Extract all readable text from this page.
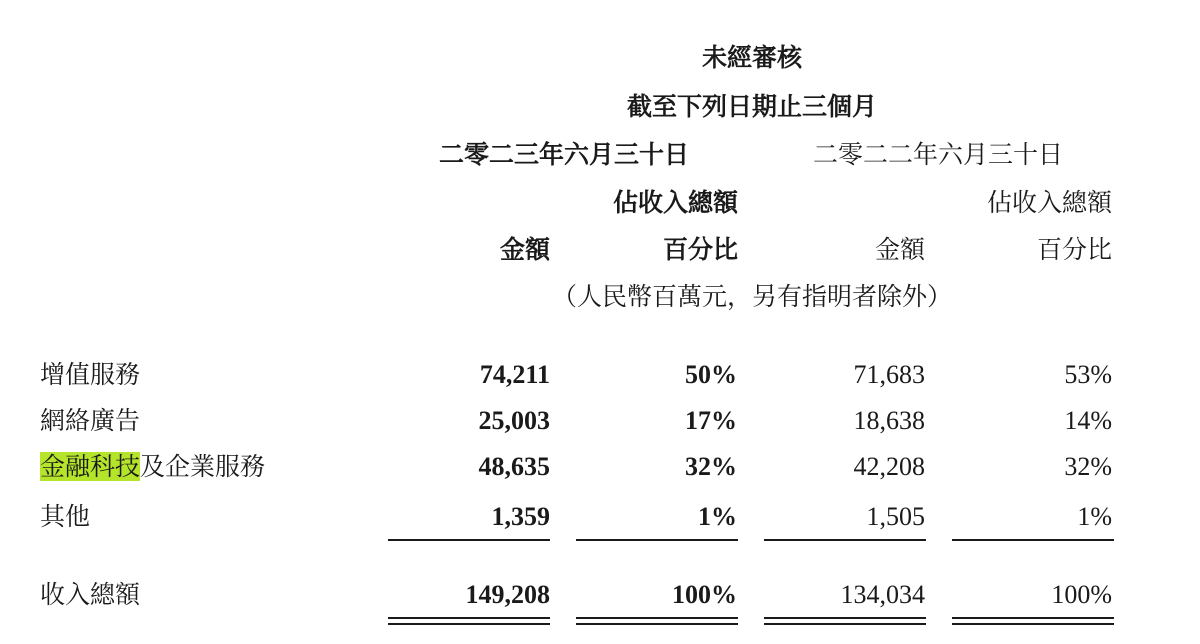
未經審核
截至下列日期止三個月
二零二三年六月三十日	二零二二年六月三十日
佔收入總額	佔收入總額
金額	百分比	金額	百分比
（人民幣百萬元，另有指明者除外）
增值服務	74,211	50%	71,683	53%
網絡廣告	25,003	17%	18,638	14%
金融科技及企業服務	48,635	32%	42,208	32%
其他	1,359	1%	1,505	1%
收入總額	149,208	100%	134,034	100%
